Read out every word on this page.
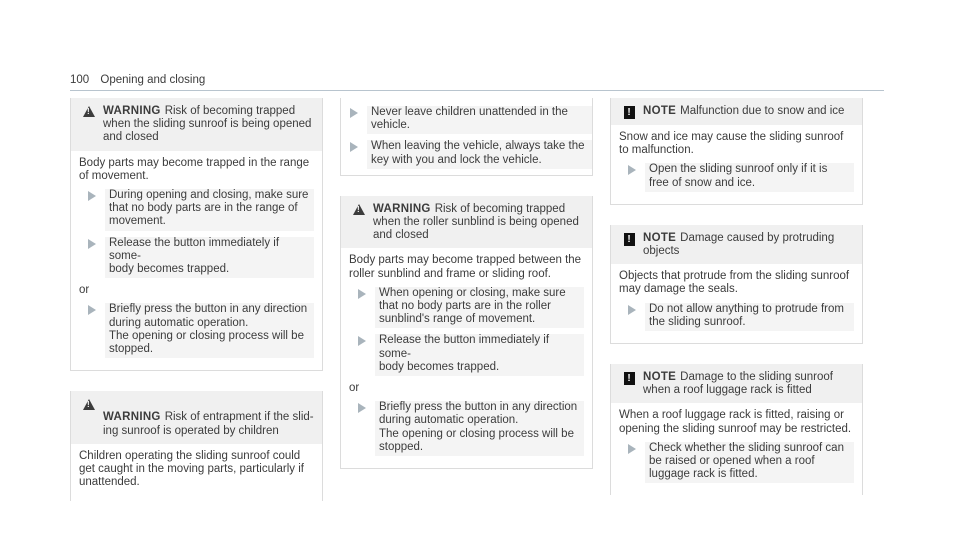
100 Opening and closing
!
WARNING Risk of becoming trapped when the sliding sunroof is being opened and closed
Body parts may become trapped in the range of movement.
During opening and closing, make sure that no body parts are in the range of movement.
Release the button immediately if some-
body becomes trapped.
or
Briefly press the button in any direction during automatic operation.
The opening or closing process will be stopped.
!

WARNING Risk of entrapment if the slid-
ing sunroof is operated by children

Children operating the sliding sunroof could get caught in the moving parts, particularly if unattended.
Never leave children unattended in the vehicle.
When leaving the vehicle, always take the key with you and lock the vehicle.
!
WARNING Risk of becoming trapped when the roller sunblind is being opened and closed
Body parts may become trapped between the roller sunblind and frame or sliding roof.
When opening or closing, make sure that no body parts are in the roller sunblind's range of movement.
Release the button immediately if some-
body becomes trapped.
or
Briefly press the button in any direction during automatic operation.
The opening or closing process will be stopped.
!	NOTE Malfunction due to snow and ice
Snow and ice may cause the sliding sunroof to malfunction.
Open the sliding sunroof only if it is free of snow and ice.
!	NOTE Damage caused by protruding objects
Objects that protrude from the sliding sunroof may damage the seals.
Do not allow anything to protrude from the sliding sunroof.
!	NOTE Damage to the sliding sunroof when a roof luggage rack is fitted
When a roof luggage rack is fitted, raising or opening the sliding sunroof may be restricted.
Check whether the sliding sunroof can be raised or opened when a roof luggage rack is fitted.
